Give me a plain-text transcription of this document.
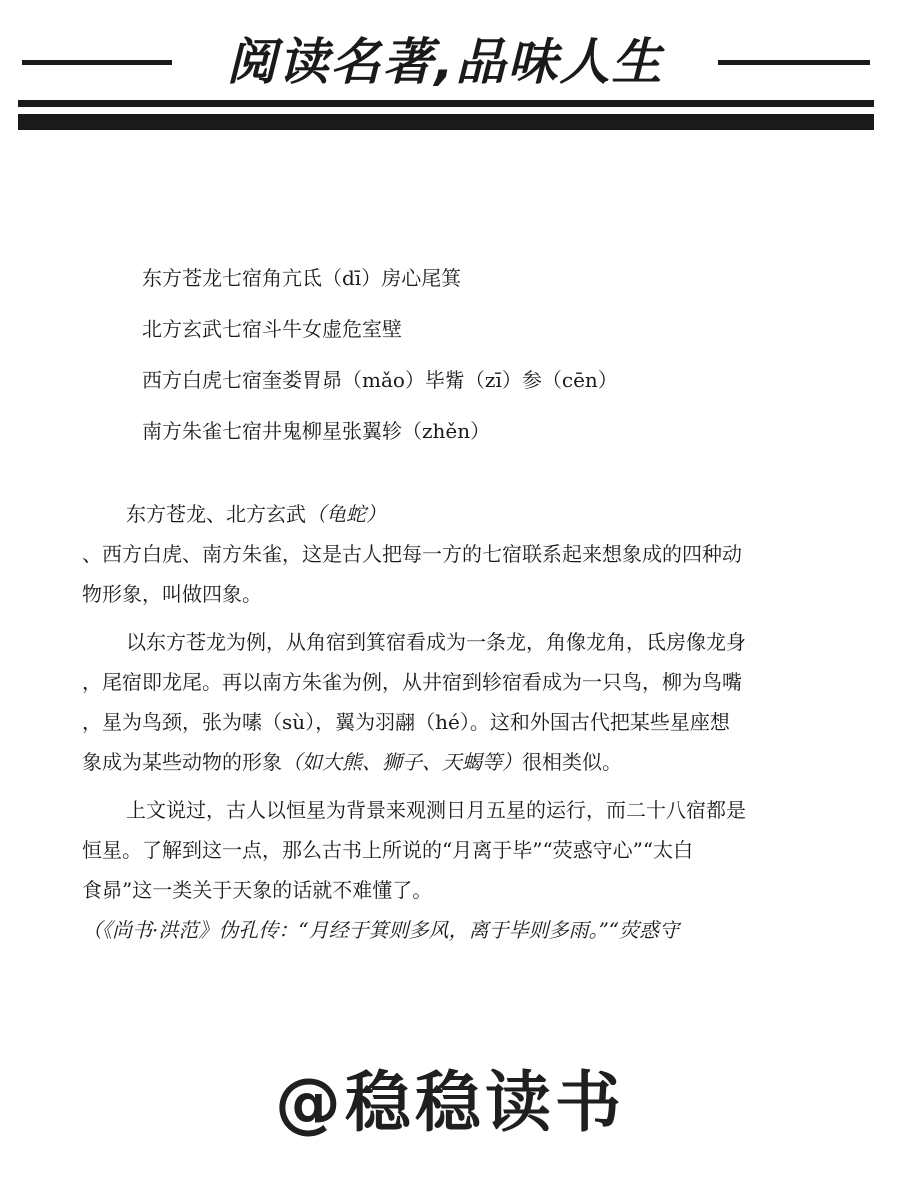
阅读名著,品味人生
东方苍龙七宿角亢氐（dī）房心尾箕
北方玄武七宿斗牛女虚危室壁
西方白虎七宿奎娄胃昴（mǎo）毕觜（zī）参（cēn）
南方朱雀七宿井鬼柳星张翼轸（zhěn）
东方苍龙、北方玄武（龟蛇）
、西方白虎、南方朱雀，这是古人把每一方的七宿联系起来想象成的四种动
物形象，叫做四象。
以东方苍龙为例，从角宿到箕宿看成为一条龙，角像龙角，氐房像龙身
，尾宿即龙尾。再以南方朱雀为例，从井宿到轸宿看成为一只鸟，柳为鸟嘴
，星为鸟颈，张为嗉（sù），翼为羽翮（hé）。这和外国古代把某些星座想
象成为某些动物的形象（如大熊、狮子、天蝎等）很相类似。
上文说过，古人以恒星为背景来观测日月五星的运行，而二十八宿都是
恒星。了解到这一点，那么古书上所说的“月离于毕”“荧惑守心”“太白
食昴”这一类关于天象的话就不难懂了。
（《尚书·洪范》伪孔传：“月经于箕则多风，离于毕则多雨。”“荧惑守
@稳稳读书
